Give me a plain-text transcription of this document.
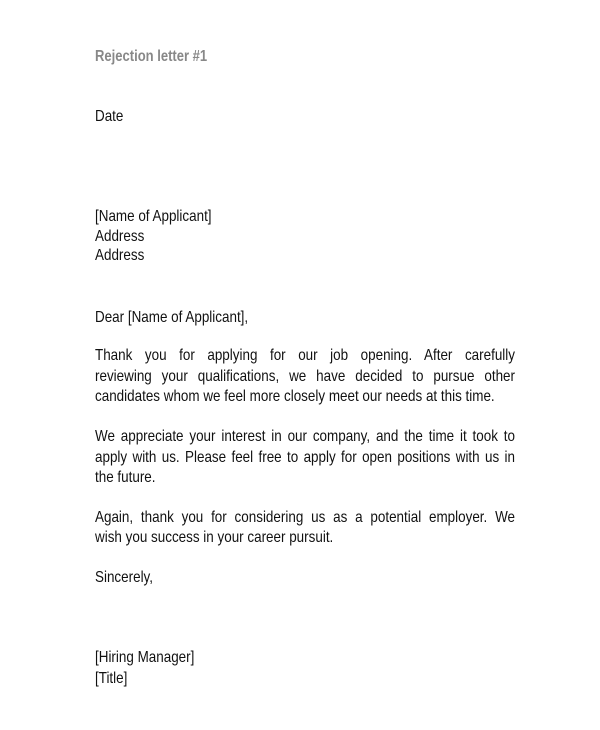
Rejection letter #1
Date
[Name of Applicant]
Address
Address
Dear [Name of Applicant],
Thank you for applying for our job opening. After carefully
reviewing your qualifications, we have decided to pursue other
candidates whom we feel more closely meet our needs at this time.
We appreciate your interest in our company, and the time it took to
apply with us. Please feel free to apply for open positions with us in
the future.
Again, thank you for considering us as a potential employer. We
wish you success in your career pursuit.
Sincerely,
[Hiring Manager]
[Title]
